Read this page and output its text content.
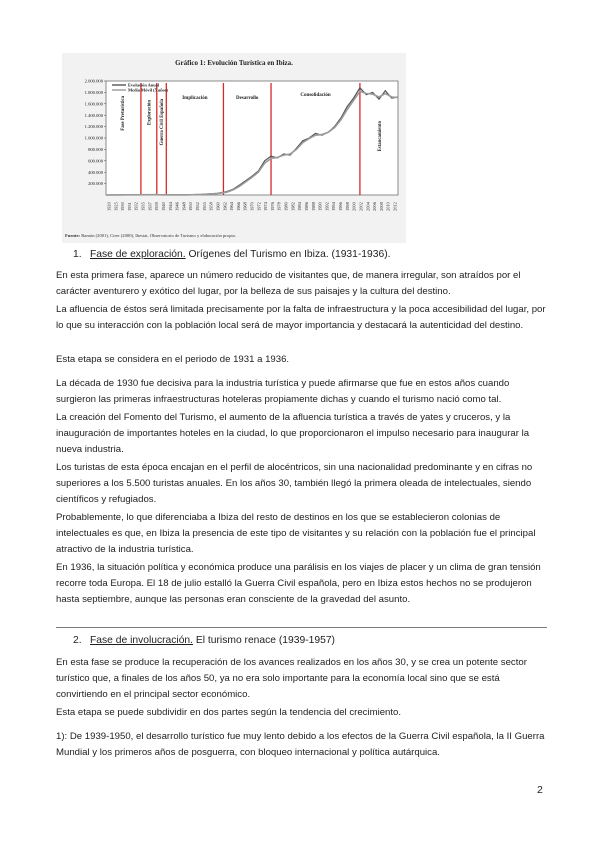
200.000
400.000
600.000
800.000
1.000.000
1.200.000
1.400.000
1.600.000
1.800.000
2.000.000
1920 1925 1930 1931 1932 1935 1937 1939 1940 1944 1946 1948 1950 1952 1955 1958 1960 1962 1964 1966 1968 1970 1972 1974 1976 1978 1980 1982 1984 1986 1988 1990 1992 1994 1996 1998 2000 2002 2004 2006 2008 2010 2012
Fase Preturística	Exploración Guerra Civil Española
Implicación	Desarrollo
Consolidación
Estancamiento
Evolución Anual
Media Móvil (5 años)
Gráfico 1: Evolución Turística en Ibiza.
Fuente: Ramón (2001), Cirer (2000), Ibestat, Observatorio de Turismo y elaboración propia.
1. Fase de exploración. Orígenes del Turismo en Ibiza. (1931-1936).

En esta primera fase, aparece un número reducido de visitantes que, de manera irregular, son atraídos por el carácter aventurero y exótico del lugar, por la belleza de sus paisajes y la cultura del destino.

La afluencia de éstos será limitada precisamente por la falta de infraestructura y la poca accesibilidad del lugar, por lo que su interacción con la población local será de mayor importancia y destacará la autenticidad del destino.

Esta etapa se considera en el periodo de 1931 a 1936.

La década de 1930 fue decisiva para la industria turística y puede afirmarse que fue en estos años cuando surgieron las primeras infraestructuras hoteleras propiamente dichas y cuando el turismo nació como tal.

La creación del Fomento del Turismo, el aumento de la afluencia turística a través de yates y cruceros, y la inauguración de importantes hoteles en la ciudad, lo que proporcionaron el impulso necesario para inaugurar la nueva industria.

Los turistas de esta época encajan en el perfil de alocéntricos, sin una nacionalidad predominante y en cifras no superiores a los 5.500 turistas anuales. En los años 30, también llegó la primera oleada de intelectuales, siendo científicos y refugiados.

Probablemente, lo que diferenciaba a Ibiza del resto de destinos en los que se establecieron colonias de intelectuales es que, en Ibiza la presencia de este tipo de visitantes y su relación con la población fue el principal atractivo de la industria turística.

En 1936, la situación política y económica produce una parálisis en los viajes de placer y un clima de gran tensión recorre toda Europa. El 18 de julio estalló la Guerra Civil española, pero en Ibiza estos hechos no se produjeron hasta septiembre, aunque las personas eran consciente de la gravedad del asunto.

2. Fase de involucración. El turismo renace (1939-1957)

En esta fase se produce la recuperación de los avances realizados en los años 30, y se crea un potente sector turístico que, a finales de los años 50, ya no era solo importante para la economía local sino que se está convirtiendo en el principal sector económico.

Esta etapa se puede subdividir en dos partes según la tendencia del crecimiento.

1): De 1939-1950, el desarrollo turístico fue muy lento debido a los efectos de la Guerra Civil española, la II Guerra Mundial y los primeros años de posguerra, con bloqueo internacional y política autárquica.

2
